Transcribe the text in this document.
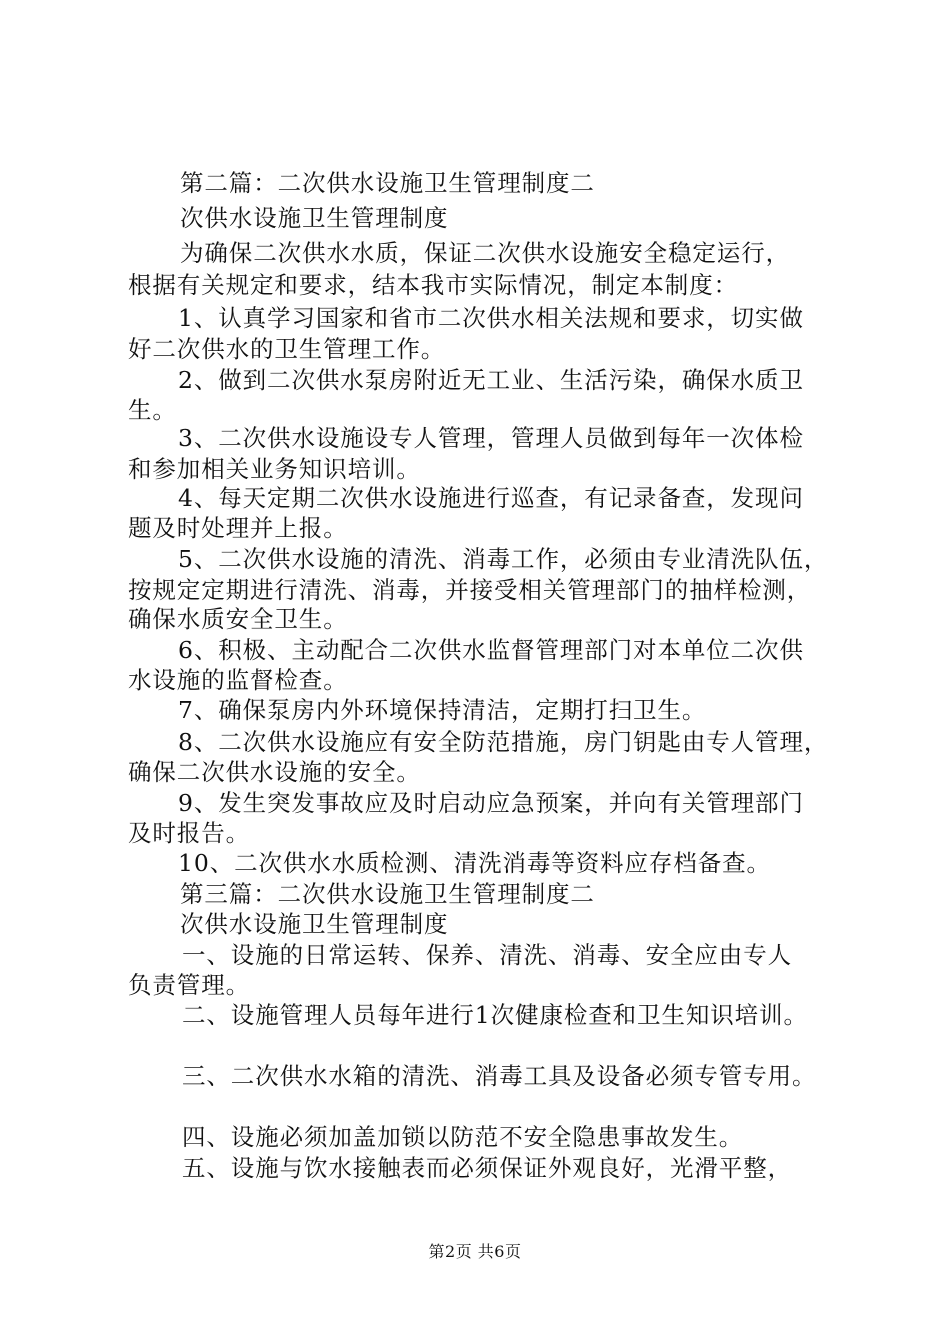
第二篇：二次供水设施卫生管理制度二
次供水设施卫生管理制度
为确保二次供水水质，保证二次供水设施安全稳定运行，
根据有关规定和要求，结本我市实际情况，制定本制度：
1、认真学习国家和省市二次供水相关法规和要求，切实做
好二次供水的卫生管理工作。
2、做到二次供水泵房附近无工业、生活污染，确保水质卫
生。
3、二次供水设施设专人管理，管理人员做到每年一次体检
和参加相关业务知识培训。
4、每天定期二次供水设施进行巡查，有记录备查，发现问
题及时处理并上报。
5、二次供水设施的清洗、消毒工作，必须由专业清洗队伍，
按规定定期进行清洗、消毒，并接受相关管理部门的抽样检测，
确保水质安全卫生。
6、积极、主动配合二次供水监督管理部门对本单位二次供
水设施的监督检查。
7、确保泵房内外环境保持清洁，定期打扫卫生。
8、二次供水设施应有安全防范措施，房门钥匙由专人管理，
确保二次供水设施的安全。
9、发生突发事故应及时启动应急预案，并向有关管理部门
及时报告。
10、二次供水水质检测、清洗消毒等资料应存档备查。
第三篇：二次供水设施卫生管理制度二
次供水设施卫生管理制度
一、设施的日常运转、保养、清洗、消毒、安全应由专人
负责管理。
二、设施管理人员每年进行1次健康检查和卫生知识培训。
三、二次供水水箱的清洗、消毒工具及设备必须专管专用。
四、设施必须加盖加锁以防范不安全隐患事故发生。
五、设施与饮水接触表而必须保证外观良好，光滑平整，
第2页 共6页
